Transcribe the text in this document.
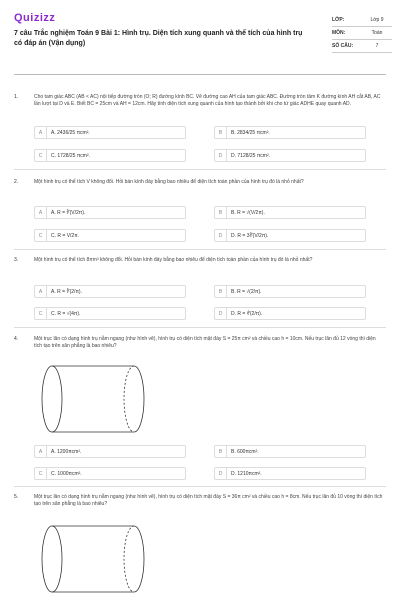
Quizizz
7 câu Trắc nghiệm Toán 9 Bài 1: Hình trụ. Diện tích xung quanh và thể tích của hình trụ có đáp án (Vận dụng)
LỚP:	Lớp 9
MÔN:	Toán
SỐ CÂU:	7
1.	Cho tam giác ABC (AB < AC) nội tiếp đường tròn (O; R) đường kính BC. Vẽ đường cao AH của tam giác ABC. Đường tròn tâm K đường kính AH cắt AB, AC lần lượt tại D và E. Biết BC = 25cm và AH = 12cm. Hãy tính diện tích xung quanh của hình tạo thành bởi khi cho tứ giác ADHE quay quanh AD.
A	A. 2436/25 πcm².	B	B. 2834/25 πcm².
C	C. 1728/25 πcm².	D	D. 7128/25 πcm².
2.	Một hình trụ có thể tích V không đổi. Hỏi bán kính đáy bằng bao nhiêu để diện tích toàn phần của hình trụ đó là nhỏ nhất?
A	A. R = ∛(V/2π).	B	B. R = √(V/2π).
C	C. R = V/2π.	D	D. R = 3∛(V/2π).
3.	Một hình trụ có thể tích 8πm³ không đổi. Hỏi bán kính đáy bằng bao nhiêu để diện tích toàn phần của hình trụ đó là nhỏ nhất?
A	A. R = ∛(2/π).	B	B. R = √(2/π).
C	C. R = √(4π).	D	D. R = ∜(2/π).
4.	Một trục lăn có dạng hình trụ nằm ngang (như hình vẽ), hình trụ có diện tích mặt đáy S = 25π cm² và chiều cao h = 10cm. Nếu trục lăn đủ 12 vòng thì diện tích tạo trên sân phẳng là bao nhiêu?
A	A. 1200πcm².	B	B. 600πcm².
C	C. 1000πcm².	D	D. 1210πcm².
5.	Một trục lăn có dạng hình trụ nằm ngang (như hình vẽ), hình trụ có diện tích mặt đáy S = 36π cm² và chiều cao h = 8cm. Nếu trục lăn đủ 10 vòng thì diện tích tạo trên sân phẳng là bao nhiêu?
